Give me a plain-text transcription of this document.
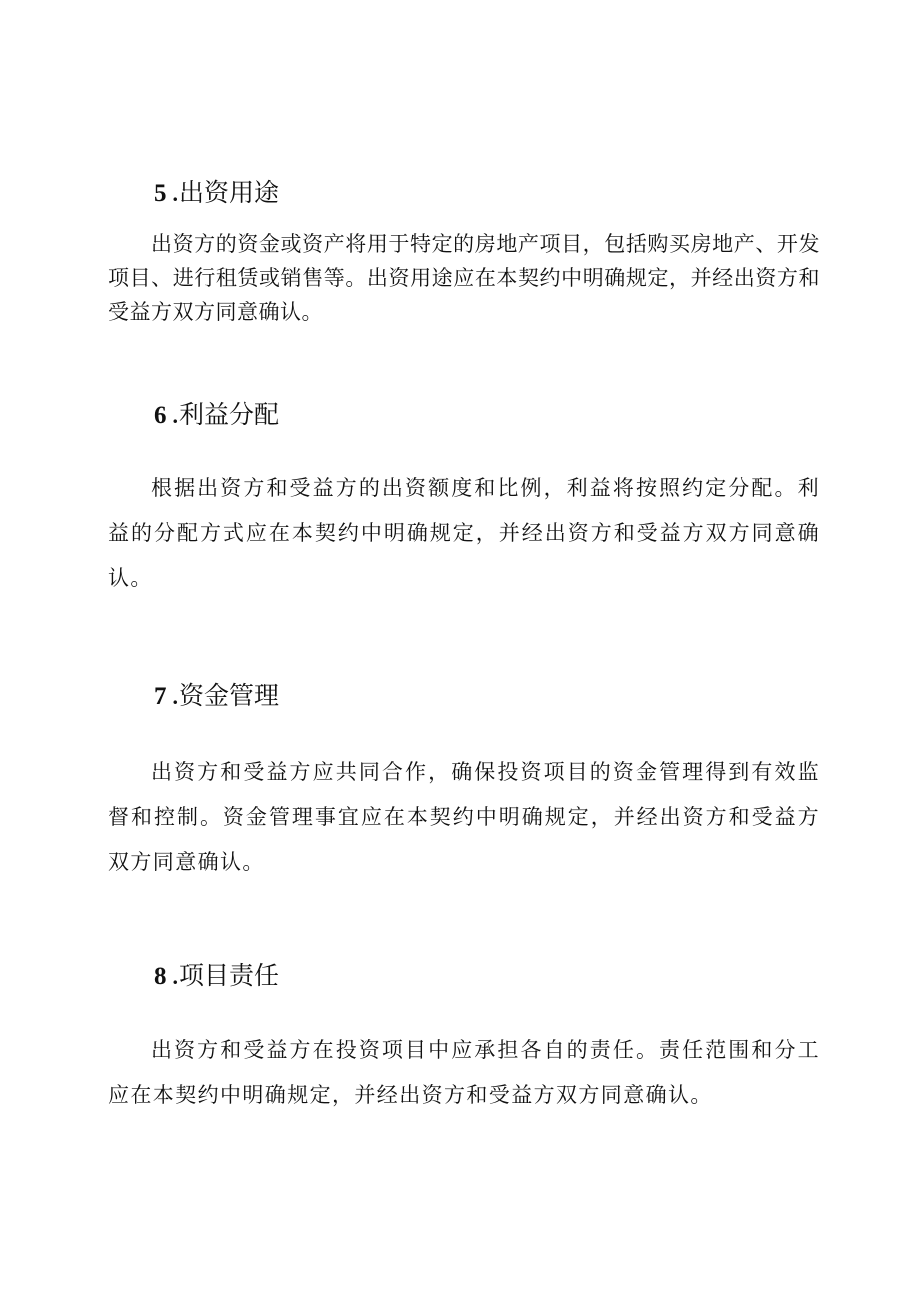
5 .出资用途

出资方的资金或资产将用于特定的房地产项目，包括购买房地产、开发项目、进行租赁或销售等。出资用途应在本契约中明确规定，并经出资方和受益方双方同意确认。

6 .利益分配

根据出资方和受益方的出资额度和比例，利益将按照约定分配。利益的分配方式应在本契约中明确规定，并经出资方和受益方双方同意确认。

7 .资金管理

出资方和受益方应共同合作，确保投资项目的资金管理得到有效监督和控制。资金管理事宜应在本契约中明确规定，并经出资方和受益方双方同意确认。

8 .项目责任

出资方和受益方在投资项目中应承担各自的责任。责任范围和分工应在本契约中明确规定，并经出资方和受益方双方同意确认。
